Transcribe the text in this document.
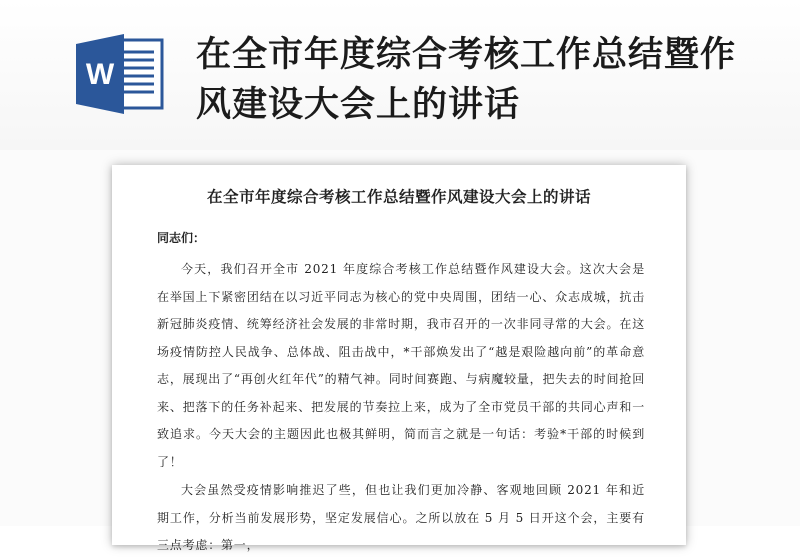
W 在全市年度综合考核工作总结暨作风建设大会上的讲话
在全市年度综合考核工作总结暨作风建设大会上的讲话
同志们：

今天，我们召开全市 2021 年度综合考核工作总结暨作风建设大会。这次大会是在举国上下紧密团结在以习近平同志为核心的党中央周围，团结一心、众志成城，抗击新冠肺炎疫情、统筹经济社会发展的非常时期，我市召开的一次非同寻常的大会。在这场疫情防控人民战争、总体战、阻击战中，*干部焕发出了“越是艰险越向前”的革命意志，展现出了“再创火红年代”的精气神。同时间赛跑、与病魔较量，把失去的时间抢回来、把落下的任务补起来、把发展的节奏拉上来，成为了全市党员干部的共同心声和一致追求。今天大会的主题因此也极其鲜明，简而言之就是一句话：考验*干部的时候到了！

大会虽然受疫情影响推迟了些，但也让我们更加冷静、客观地回顾 2021 年和近期工作，分析当前发展形势，坚定发展信心。之所以放在 5 月 5 日开这个会，主要有三点考虑：第一，
